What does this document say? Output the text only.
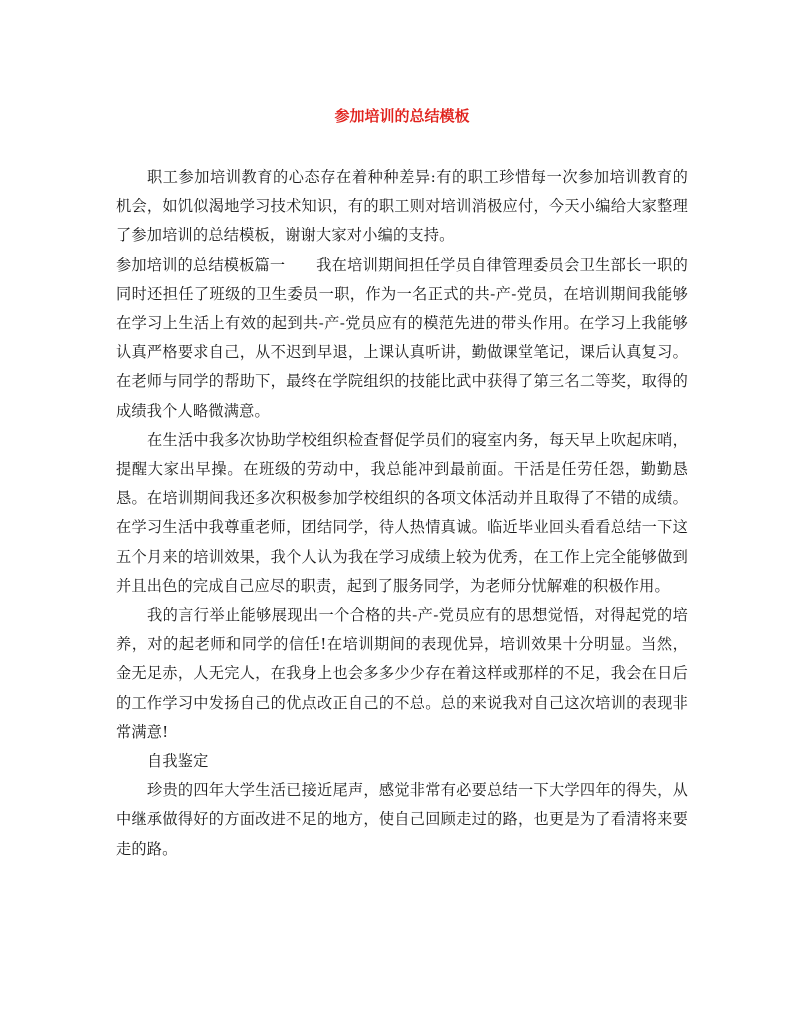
参加培训的总结模板

职工参加培训教育的心态存在着种种差异:有的职工珍惜每一次参加培训教育的机会，如饥似渴地学习技术知识，有的职工则对培训消极应付，今天小编给大家整理了参加培训的总结模板，谢谢大家对小编的支持。

参加培训的总结模板篇一 我在培训期间担任学员自律管理委员会卫生部长一职的同时还担任了班级的卫生委员一职，作为一名正式的共-产-党员，在培训期间我能够在学习上生活上有效的起到共-产-党员应有的模范先进的带头作用。在学习上我能够认真严格要求自己，从不迟到早退，上课认真听讲，勤做课堂笔记，课后认真复习。在老师与同学的帮助下，最终在学院组织的技能比武中获得了第三名二等奖，取得的成绩我个人略微满意。

在生活中我多次协助学校组织检查督促学员们的寝室内务，每天早上吹起床哨，提醒大家出早操。在班级的劳动中，我总能冲到最前面。干活是任劳任怨，勤勤恳恳。在培训期间我还多次积极参加学校组织的各项文体活动并且取得了不错的成绩。在学习生活中我尊重老师，团结同学，待人热情真诚。临近毕业回头看看总结一下这五个月来的培训效果，我个人认为我在学习成绩上较为优秀，在工作上完全能够做到并且出色的完成自己应尽的职责，起到了服务同学，为老师分忧解难的积极作用。

我的言行举止能够展现出一个合格的共-产-党员应有的思想觉悟，对得起党的培养，对的起老师和同学的信任!在培训期间的表现优异，培训效果十分明显。当然，金无足赤，人无完人，在我身上也会多多少少存在着这样或那样的不足，我会在日后的工作学习中发扬自己的优点改正自己的不总。总的来说我对自己这次培训的表现非常满意!

自我鉴定

珍贵的四年大学生活已接近尾声，感觉非常有必要总结一下大学四年的得失，从中继承做得好的方面改进不足的地方，使自己回顾走过的路，也更是为了看清将来要走的路。
